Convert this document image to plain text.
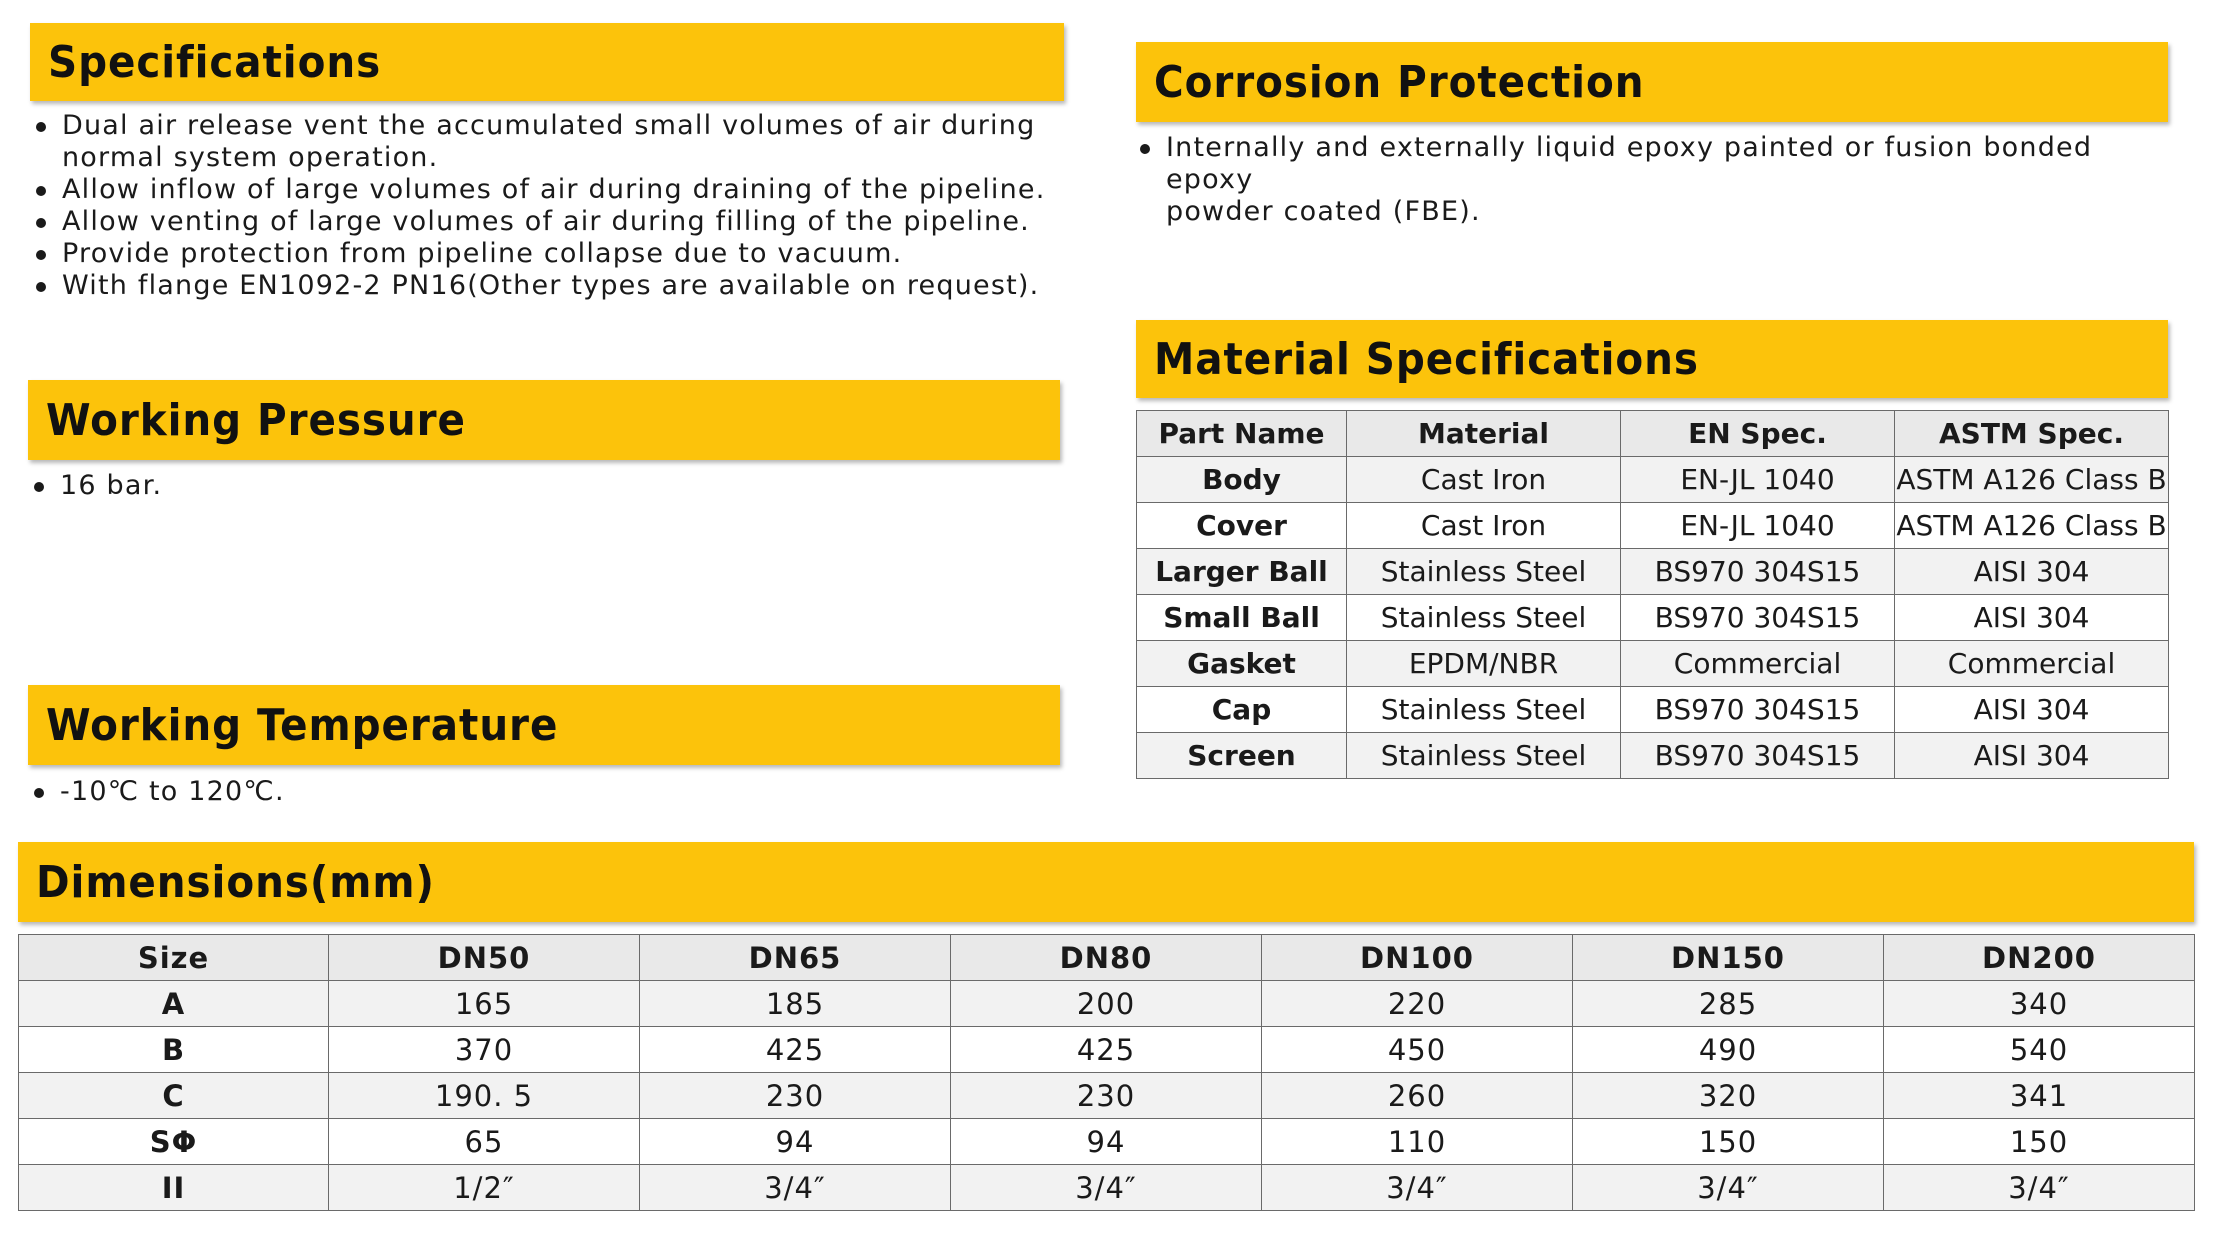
Specifications
Dual air release vent the accumulated small volumes of air during
normal system operation.
Allow inflow of large volumes of air during draining of the pipeline.
Allow venting of large volumes of air during filling of the pipeline.
Provide protection from pipeline collapse due to vacuum.
With flange EN1092-2 PN16(Other types are available on request).
Working Pressure
16 bar.
Working Temperature
-10℃ to 120℃.
Corrosion Protection
Internally and externally liquid epoxy painted or fusion bonded epoxy
powder coated (FBE).
Material Specifications
Part Name	Material	EN Spec.	ASTM Spec.
Body	Cast Iron	EN-JL 1040	ASTM A126 Class B
Cover	Cast Iron	EN-JL 1040	ASTM A126 Class B
Larger Ball	Stainless Steel	BS970 304S15	AISI 304
Small Ball	Stainless Steel	BS970 304S15	AISI 304
Gasket	EPDM/NBR	Commercial	Commercial
Cap	Stainless Steel	BS970 304S15	AISI 304
Screen	Stainless Steel	BS970 304S15	AISI 304
Dimensions(mm)
Size	DN50	DN65	DN80	DN100	DN150	DN200
A	165	185	200	220	285	340
B	370	425	425	450	490	540
C	190. 5	230	230	260	320	341
SΦ	65	94	94	110	150	150
II	1/2″	3/4″	3/4″	3/4″	3/4″	3/4″
